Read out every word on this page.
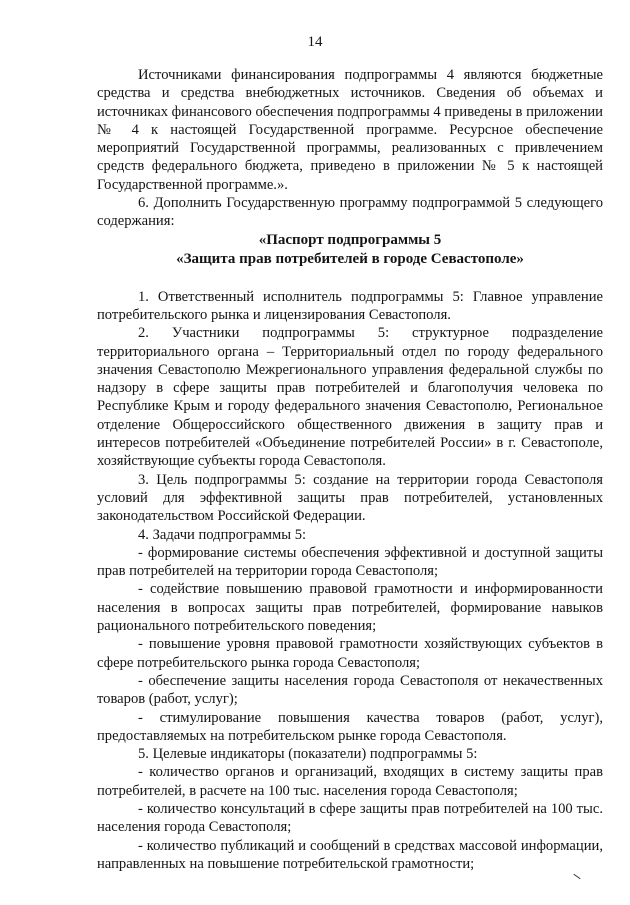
14

Источниками финансирования подпрограммы 4 являются бюджетные средства и средства внебюджетных источников. Сведения об объемах и источниках финансового обеспечения подпрограммы 4 приведены в приложении № 4 к настоящей Государственной программе. Ресурсное обеспечение мероприятий Государственной программы, реализованных с привлечением средств федерального бюджета, приведено в приложении № 5 к настоящей Государственной программе.».

6. Дополнить Государственную программу подпрограммой 5 следующего содержания:

«Паспорт подпрограммы 5

«Защита прав потребителей в городе Севастополе»

1. Ответственный исполнитель подпрограммы 5: Главное управление потребительского рынка и лицензирования Севастополя.

2. Участники подпрограммы 5: структурное подразделение территориального органа – Территориальный отдел по городу федерального значения Севастополю Межрегионального управления федеральной службы по надзору в сфере защиты прав потребителей и благополучия человека по Республике Крым и городу федерального значения Севастополю, Региональное отделение Общероссийского общественного движения в защиту прав и интересов потребителей «Объединение потребителей России» в г. Севастополе, хозяйствующие субъекты города Севастополя.

3. Цель подпрограммы 5: создание на территории города Севастополя условий для эффективной защиты прав потребителей, установленных законодательством Российской Федерации.

4. Задачи подпрограммы 5:

- формирование системы обеспечения эффективной и доступной защиты прав потребителей на территории города Севастополя;

- содействие повышению правовой грамотности и информированности населения в вопросах защиты прав потребителей, формирование навыков рационального потребительского поведения;

- повышение уровня правовой грамотности хозяйствующих субъектов в сфере потребительского рынка города Севастополя;

- обеспечение защиты населения города Севастополя от некачественных товаров (работ, услуг);

- стимулирование повышения качества товаров (работ, услуг), предоставляемых на потребительском рынке города Севастополя.

5. Целевые индикаторы (показатели) подпрограммы 5:

- количество органов и организаций, входящих в систему защиты прав потребителей, в расчете на 100 тыс. населения города Севастополя;

- количество консультаций в сфере защиты прав потребителей на 100 тыс. населения города Севастополя;

- количество публикаций и сообщений в средствах массовой информации, направленных на повышение потребительской грамотности;
